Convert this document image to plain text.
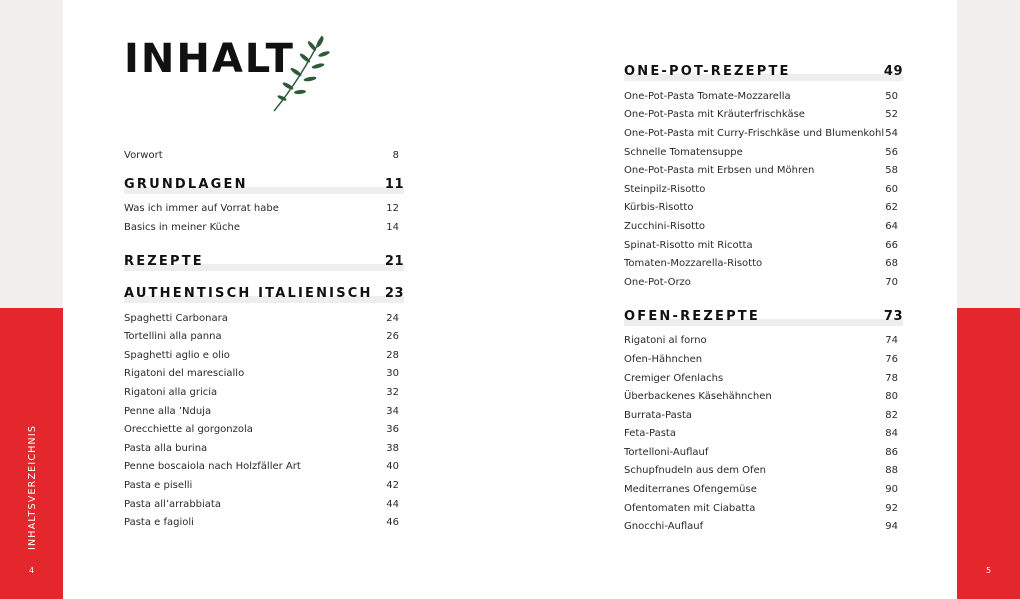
INHALTSVERZEICHNIS
4	5
INHALT
Vorwort	8
GRUNDLAGEN	11
Was ich immer auf Vorrat habe	12
Basics in meiner Küche	14
REZEPTE	21
AUTHENTISCH ITALIENISCH 23
Spaghetti Carbonara	24
Tortellini alla panna	26
Spaghetti aglio e olio	28
Rigatoni del maresciallo	30
Rigatoni alla gricia	32
Penne alla ’Nduja	34
Orecchiette al gorgonzola	36
Pasta alla burina	38
Penne boscaiola nach Holzfäller Art	40
Pasta e piselli	42
Pasta all’arrabbiata	44
Pasta e fagioli	46
ONE-POT-REZEPTE	49
One-Pot-Pasta Tomate-Mozzarella	50
One-Pot-Pasta mit Kräuterfrischkäse	52
One-Pot-Pasta mit Curry-Frischkäse und Blumenkohl 54
Schnelle Tomatensuppe	56
One-Pot-Pasta mit Erbsen und Möhren	58
Steinpilz-Risotto	60
Kürbis-Risotto	62
Zucchini-Risotto	64
Spinat-Risotto mit Ricotta	66
Tomaten-Mozzarella-Risotto	68
One-Pot-Orzo	70
OFEN-REZEPTE	73
Rigatoni al forno	74
Ofen-Hähnchen	76
Cremiger Ofenlachs	78
Überbackenes Käsehähnchen	80
Burrata-Pasta	82
Feta-Pasta	84
Tortelloni-Auflauf	86
Schupfnudeln aus dem Ofen	88
Mediterranes Ofengemüse	90
Ofentomaten mit Ciabatta	92
Gnocchi-Auflauf	94
